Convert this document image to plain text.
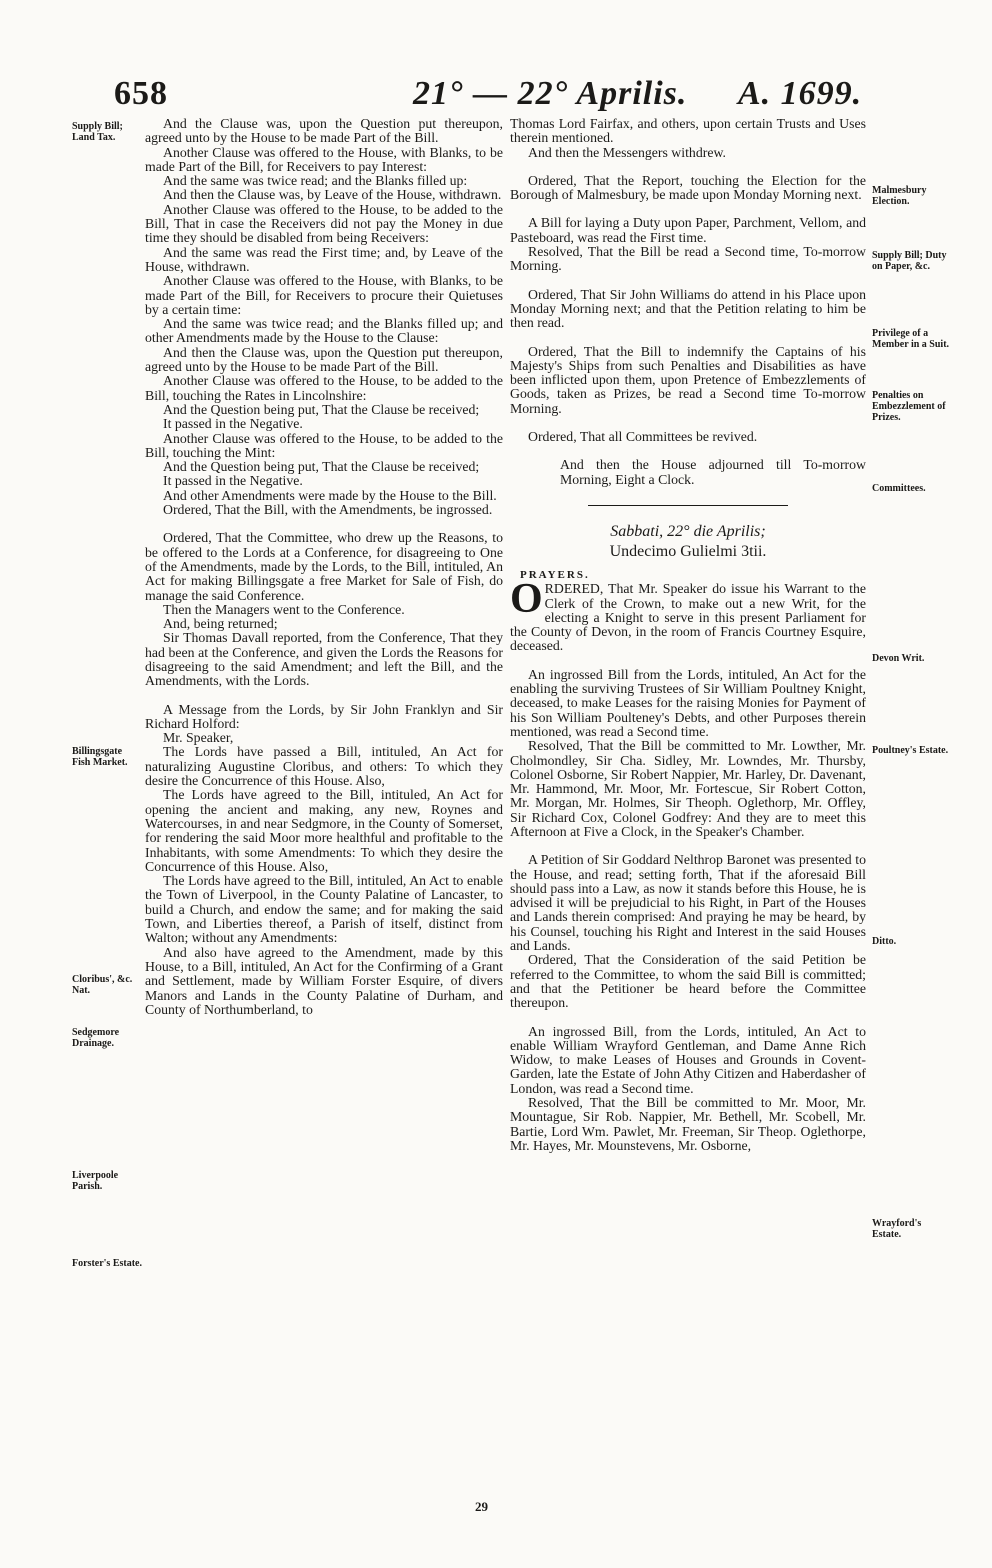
658	21° — 22° Aprilis. A. 1699.
Supply Bill; Land Tax.
Billingsgate Fish Market.
Cloribus', &c. Nat.
Sedgemore Drainage.
Liverpoole Parish.
Forster's Estate.
Malmesbury Election.
Supply Bill; Duty on Paper, &c.
Privilege of a Member in a Suit.
Penalties on Embezzlement of Prizes.
Committees.
Devon Writ.
Poultney's Estate.
Ditto.
Wrayford's Estate.

And the Clause was, upon the Question put thereupon, agreed unto by the House to be made Part of the Bill.

Another Clause was offered to the House, with Blanks, to be made Part of the Bill, for Receivers to pay Interest:

And the same was twice read; and the Blanks filled up:

And then the Clause was, by Leave of the House, withdrawn.

Another Clause was offered to the House, to be added to the Bill, That in case the Receivers did not pay the Money in due time they should be disabled from being Receivers:

And the same was read the First time; and, by Leave of the House, withdrawn.

Another Clause was offered to the House, with Blanks, to be made Part of the Bill, for Receivers to procure their Quietuses by a certain time:

And the same was twice read; and the Blanks filled up; and other Amendments made by the House to the Clause:

And then the Clause was, upon the Question put thereupon, agreed unto by the House to be made Part of the Bill.

Another Clause was offered to the House, to be added to the Bill, touching the Rates in Lincolnshire:

And the Question being put, That the Clause be received;

It passed in the Negative.

Another Clause was offered to the House, to be added to the Bill, touching the Mint:

And the Question being put, That the Clause be received;

It passed in the Negative.

And other Amendments were made by the House to the Bill.

Ordered, That the Bill, with the Amendments, be ingrossed.

Ordered, That the Committee, who drew up the Reasons, to be offered to the Lords at a Conference, for disagreeing to One of the Amendments, made by the Lords, to the Bill, intituled, An Act for making Billingsgate a free Market for Sale of Fish, do manage the said Conference.

Then the Managers went to the Conference.

And, being returned;

Sir Thomas Davall reported, from the Conference, That they had been at the Conference, and given the Lords the Reasons for disagreeing to the said Amendment; and left the Bill, and the Amendments, with the Lords.

A Message from the Lords, by Sir John Franklyn and Sir Richard Holford:

Mr. Speaker,

The Lords have passed a Bill, intituled, An Act for naturalizing Augustine Cloribus, and others: To which they desire the Concurrence of this House. Also,

The Lords have agreed to the Bill, intituled, An Act for opening the ancient and making, any new, Roynes and Watercourses, in and near Sedgmore, in the County of Somerset, for rendering the said Moor more healthful and profitable to the Inhabitants, with some Amendments: To which they desire the Concurrence of this House. Also,

The Lords have agreed to the Bill, intituled, An Act to enable the Town of Liverpool, in the County Palatine of Lancaster, to build a Church, and endow the same; and for making the said Town, and Liberties thereof, a Parish of itself, distinct from Walton; without any Amendments:

And also have agreed to the Amendment, made by this House, to a Bill, intituled, An Act for the Confirming of a Grant and Settlement, made by William Forster Esquire, of divers Manors and Lands in the County Palatine of Durham, and County of Northumberland, to

Thomas Lord Fairfax, and others, upon certain Trusts and Uses therein mentioned.

And then the Messengers withdrew.

Ordered, That the Report, touching the Election for the Borough of Malmesbury, be made upon Monday Morning next.

A Bill for laying a Duty upon Paper, Parchment, Vellom, and Pasteboard, was read the First time.

Resolved, That the Bill be read a Second time, To-morrow Morning.

Ordered, That Sir John Williams do attend in his Place upon Monday Morning next; and that the Petition relating to him be then read.

Ordered, That the Bill to indemnify the Captains of his Majesty's Ships from such Penalties and Disabilities as have been inflicted upon them, upon Pretence of Embezzlements of Goods, taken as Prizes, be read a Second time To-morrow Morning.

Ordered, That all Committees be revived.

And then the House adjourned till To-morrow Morning, Eight a Clock.

Sabbati, 22° die Aprilis;

Undecimo Gulielmi 3tii.

PRAYERS.

ORDERED, That Mr. Speaker do issue his Warrant to the Clerk of the Crown, to make out a new Writ, for the electing a Knight to serve in this present Parliament for the County of Devon, in the room of Francis Courtney Esquire, deceased.

An ingrossed Bill from the Lords, intituled, An Act for the enabling the surviving Trustees of Sir William Poultney Knight, deceased, to make Leases for the raising Monies for Payment of his Son William Poulteney's Debts, and other Purposes therein mentioned, was read a Second time.

Resolved, That the Bill be committed to Mr. Lowther, Mr. Cholmondley, Sir Cha. Sidley, Mr. Lowndes, Mr. Thursby, Colonel Osborne, Sir Robert Nappier, Mr. Harley, Dr. Davenant, Mr. Hammond, Mr. Moor, Mr. Fortescue, Sir Robert Cotton, Mr. Morgan, Mr. Holmes, Sir Theoph. Oglethorp, Mr. Offley, Sir Richard Cox, Colonel Godfrey: And they are to meet this Afternoon at Five a Clock, in the Speaker's Chamber.

A Petition of Sir Goddard Nelthrop Baronet was presented to the House, and read; setting forth, That if the aforesaid Bill should pass into a Law, as now it stands before this House, he is advised it will be prejudicial to his Right, in Part of the Houses and Lands therein comprised: And praying he may be heard, by his Counsel, touching his Right and Interest in the said Houses and Lands.

Ordered, That the Consideration of the said Petition be referred to the Committee, to whom the said Bill is committed; and that the Petitioner be heard before the Committee thereupon.

An ingrossed Bill, from the Lords, intituled, An Act to enable William Wrayford Gentleman, and Dame Anne Rich Widow, to make Leases of Houses and Grounds in Covent-Garden, late the Estate of John Athy Citizen and Haberdasher of London, was read a Second time.

Resolved, That the Bill be committed to Mr. Moor, Mr. Mountague, Sir Rob. Nappier, Mr. Bethell, Mr. Scobell, Mr. Bartie, Lord Wm. Pawlet, Mr. Freeman, Sir Theop. Oglethorpe, Mr. Hayes, Mr. Mounstevens, Mr. Osborne,

29
